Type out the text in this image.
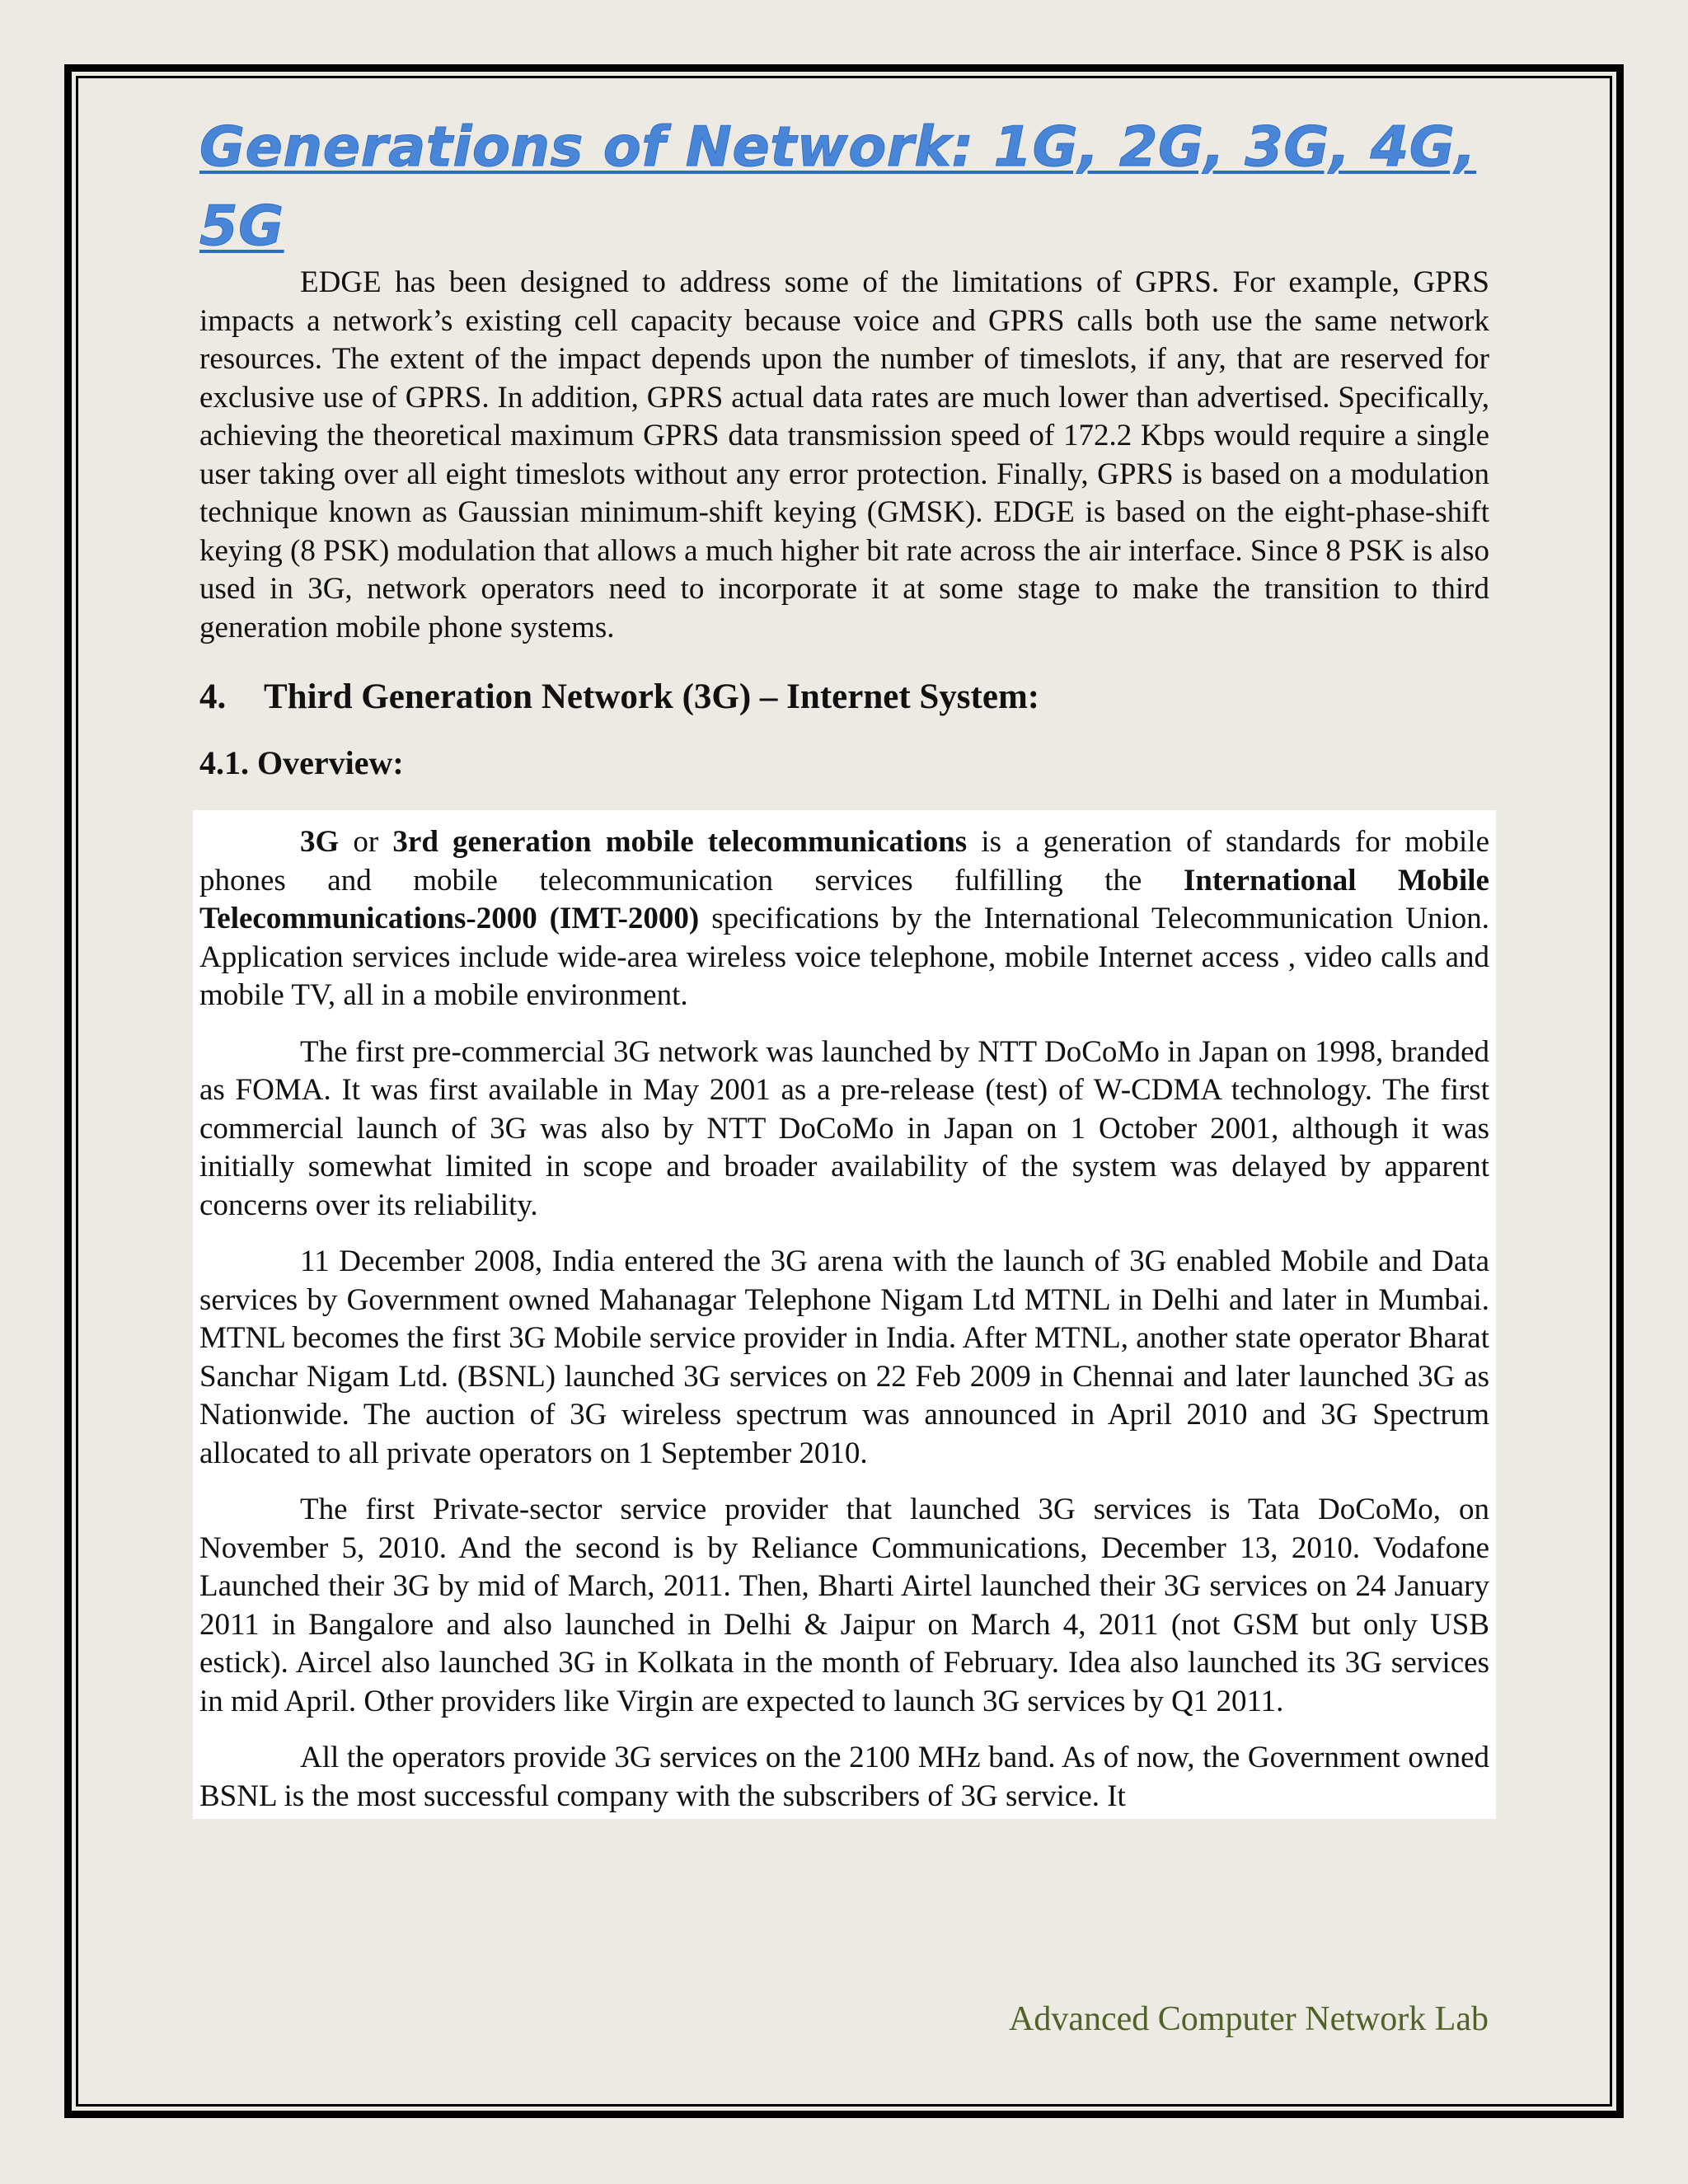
Generations of Network: 1G, 2G, 3G, 4G, 5G

EDGE has been designed to address some of the limitations of GPRS. For example, GPRS impacts a network’s existing cell capacity because voice and GPRS calls both use the same network resources. The extent of the impact depends upon the number of timeslots, if any, that are reserved for exclusive use of GPRS. In addition, GPRS actual data rates are much lower than advertised. Specifically, achieving the theoretical maximum GPRS data transmission speed of 172.2 Kbps would require a single user taking over all eight timeslots without any error protection. Finally, GPRS is based on a modulation technique known as Gaussian minimum-shift keying (GMSK). EDGE is based on the eight-phase-shift keying (8 PSK) modulation that allows a much higher bit rate across the air interface. Since 8 PSK is also used in 3G, network operators need to incorporate it at some stage to make the transition to third generation mobile phone systems.

4. Third Generation Network (3G) – Internet System:
4.1. Overview:

3G or 3rd generation mobile telecommunications is a generation of standards for mobile phones and mobile telecommunication services fulfilling the International Mobile Telecommunications-2000 (IMT-2000) specifications by the International Telecommunication Union. Application services include wide-area wireless voice telephone, mobile Internet access , video calls and mobile TV, all in a mobile environment.

The first pre-commercial 3G network was launched by NTT DoCoMo in Japan on 1998, branded as FOMA. It was first available in May 2001 as a pre-release (test) of W-CDMA technology. The first commercial launch of 3G was also by NTT DoCoMo in Japan on 1 October 2001, although it was initially somewhat limited in scope and broader availability of the system was delayed by apparent concerns over its reliability.

11 December 2008, India entered the 3G arena with the launch of 3G enabled Mobile and Data services by Government owned Mahanagar Telephone Nigam Ltd MTNL in Delhi and later in Mumbai. MTNL becomes the first 3G Mobile service provider in India. After MTNL, another state operator Bharat Sanchar Nigam Ltd. (BSNL) launched 3G services on 22 Feb 2009 in Chennai and later launched 3G as Nationwide. The auction of 3G wireless spectrum was announced in April 2010 and 3G Spectrum allocated to all private operators on 1 September 2010.

The first Private-sector service provider that launched 3G services is Tata DoCoMo, on November 5, 2010. And the second is by Reliance Communications, December 13, 2010. Vodafone Launched their 3G by mid of March, 2011. Then, Bharti Airtel launched their 3G services on 24 January 2011 in Bangalore and also launched in Delhi & Jaipur on March 4, 2011 (not GSM but only USB estick). Aircel also launched 3G in Kolkata in the month of February. Idea also launched its 3G services in mid April. Other providers like Virgin are expected to launch 3G services by Q1 2011.

All the operators provide 3G services on the 2100 MHz band. As of now, the Government owned BSNL is the most successful company with the subscribers of 3G service. It

Advanced Computer Network Lab
